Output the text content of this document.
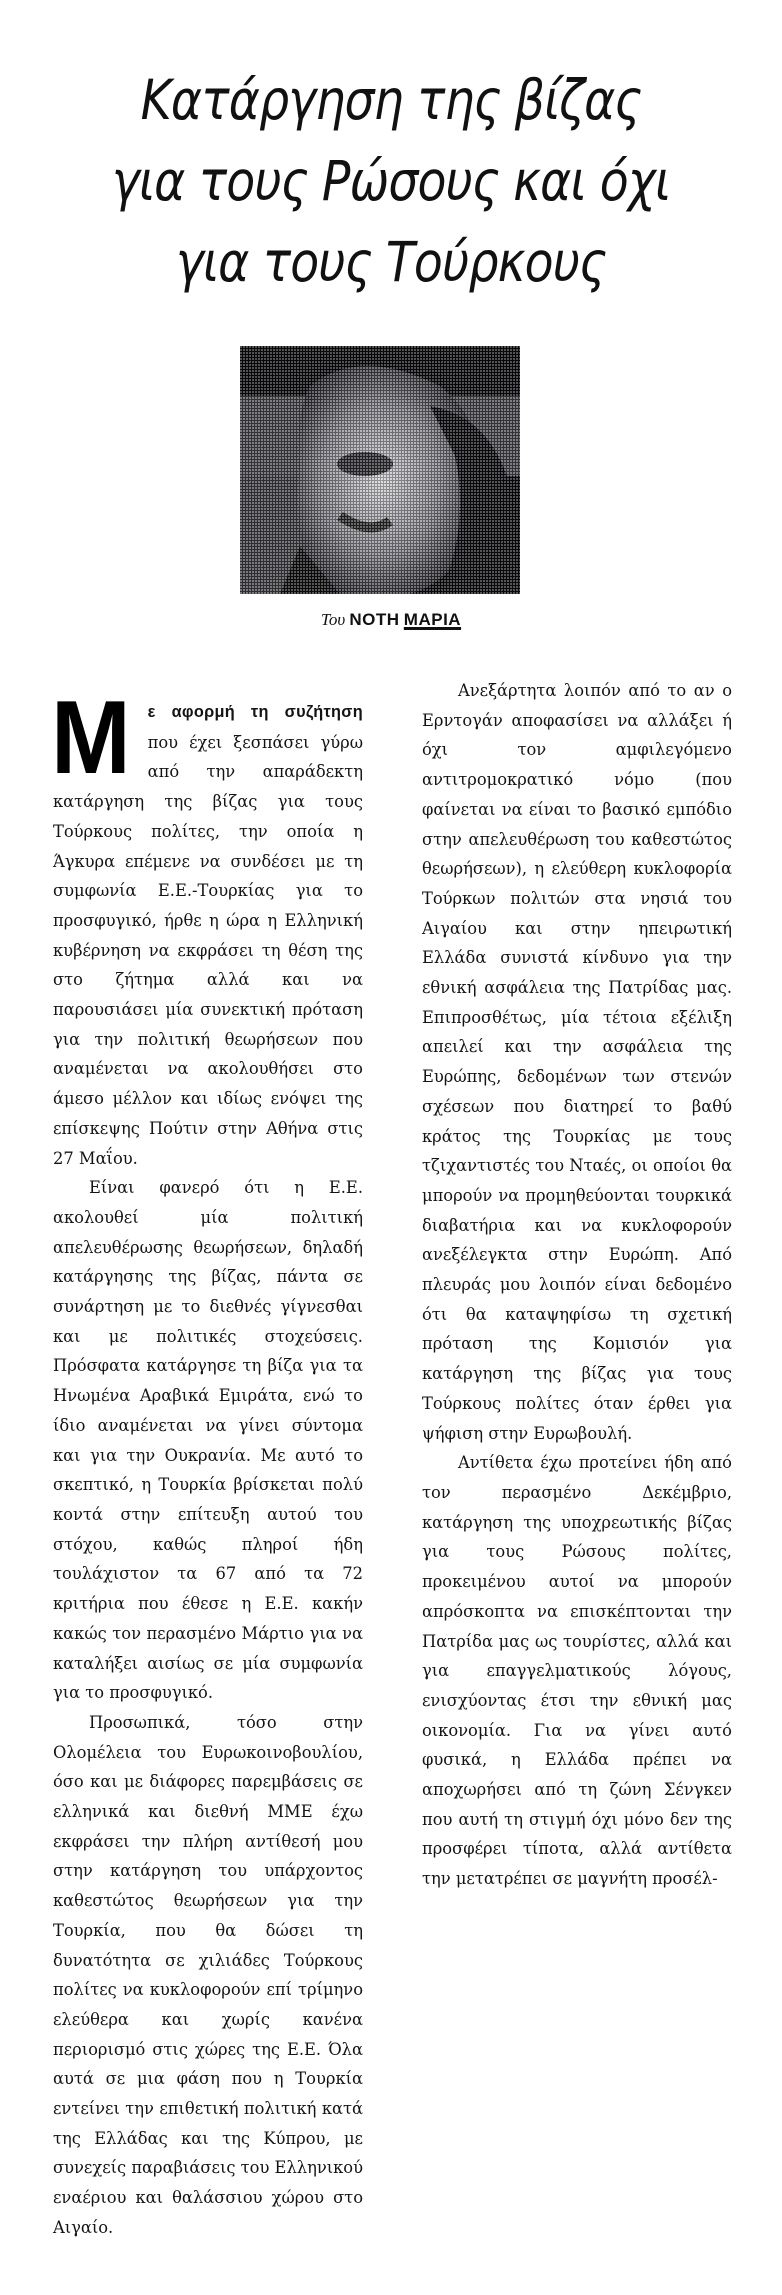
Κατάργηση της βίζας
για τους Ρώσους και όχι
για τους Τούρκους
Του ΝΟΤΗ ΜΑΡΙΑ

Μ ε αφορμή τη συζήτηση που έχει ξεσπάσει γύρω από την απαράδεκτη κατάργηση της βίζας για τους Τούρκους πολίτες, την οποία η Άγκυρα επέμενε να συνδέσει με τη συμφωνία Ε.Ε.-Τουρκίας για το προσφυγικό, ήρθε η ώρα η Ελληνική κυβέρνηση να εκφράσει τη θέση της στο ζήτημα αλλά και να παρουσιάσει μία συνεκτική πρόταση για την πολιτική θεωρήσεων που αναμένεται να ακολουθήσει στο άμεσο μέλλον και ιδίως ενόψει της επίσκεψης Πούτιν στην Αθήνα στις 27 Μαΐου.

Είναι φανερό ότι η Ε.Ε. ακολουθεί μία πολιτική απελευθέρωσης θεωρήσεων, δηλαδή κατάργησης της βίζας, πάντα σε συνάρτηση με το διεθνές γίγνεσθαι και με πολιτικές στοχεύσεις. Πρόσφατα κατάργησε τη βίζα για τα Ηνωμένα Αραβικά Εμιράτα, ενώ το ίδιο αναμένεται να γίνει σύντομα και για την Ουκρανία. Με αυτό το σκεπτικό, η Τουρκία βρίσκεται πολύ κοντά στην επίτευξη αυτού του στόχου, καθώς πληροί ήδη τουλάχιστον τα 67 από τα 72 κριτήρια που έθεσε η Ε.Ε. κακήν κακώς τον περασμένο Μάρτιο για να καταλήξει αισίως σε μία συμφωνία για το προσφυγικό.

Προσωπικά, τόσο στην Ολομέλεια του Ευρωκοινοβουλίου, όσο και με διάφορες παρεμβάσεις σε ελληνικά και διεθνή ΜΜΕ έχω εκφράσει την πλήρη αντίθεσή μου στην κατάργηση του υπάρχοντος καθεστώτος θεωρήσεων για την Τουρκία, που θα δώσει τη δυνατότητα σε χιλιάδες Τούρκους πολίτες να κυκλοφορούν επί τρίμηνο ελεύθερα και χωρίς κανένα περιορισμό στις χώρες της Ε.Ε. Όλα αυτά σε μια φάση που η Τουρκία εντείνει την επιθετική πολιτική κατά της Ελλάδας και της Κύπρου, με συνεχείς παραβιάσεις του Ελληνικού εναέριου και θαλάσσιου χώρου στο Αιγαίο.

Ανεξάρτητα λοιπόν από το αν ο Ερντογάν αποφασίσει να αλλάξει ή όχι τον αμφιλεγόμενο αντιτρομοκρατικό νόμο (που φαίνεται να είναι το βασικό εμπόδιο στην απελευθέρωση του καθεστώτος θεωρήσεων), η ελεύθερη κυκλοφορία Τούρκων πολιτών στα νησιά του Αιγαίου και στην ηπειρωτική Ελλάδα συνιστά κίνδυνο για την εθνική ασφάλεια της Πατρίδας μας. Επιπροσθέτως, μία τέτοια εξέλιξη απειλεί και την ασφάλεια της Ευρώπης, δεδομένων των στενών σχέσεων που διατηρεί το βαθύ κράτος της Τουρκίας με τους τζιχαντιστές του Νταές, οι οποίοι θα μπορούν να προμηθεύονται τουρκικά διαβατήρια και να κυκλοφορούν ανεξέλεγκτα στην Ευρώπη. Από πλευράς μου λοιπόν είναι δεδομένο ότι θα καταψηφίσω τη σχετική πρόταση της Κομισιόν για κατάργηση της βίζας για τους Τούρκους πολίτες όταν έρθει για ψήφιση στην Ευρωβουλή.

Αντίθετα έχω προτείνει ήδη από τον περασμένο Δεκέμβριο, κατάργηση της υποχρεωτικής βίζας για τους Ρώσους πολίτες, προκειμένου αυτοί να μπορούν απρόσκοπτα να επισκέπτονται την Πατρίδα μας ως τουρίστες, αλλά και για επαγγελματικούς λόγους, ενισχύοντας έτσι την εθνική μας οικονομία. Για να γίνει αυτό φυσικά, η Ελλάδα πρέπει να αποχωρήσει από τη ζώνη Σένγκεν που αυτή τη στιγμή όχι μόνο δεν της προσφέρει τίποτα, αλλά αντίθετα την μετατρέπει σε μαγνήτη προσέλ-
